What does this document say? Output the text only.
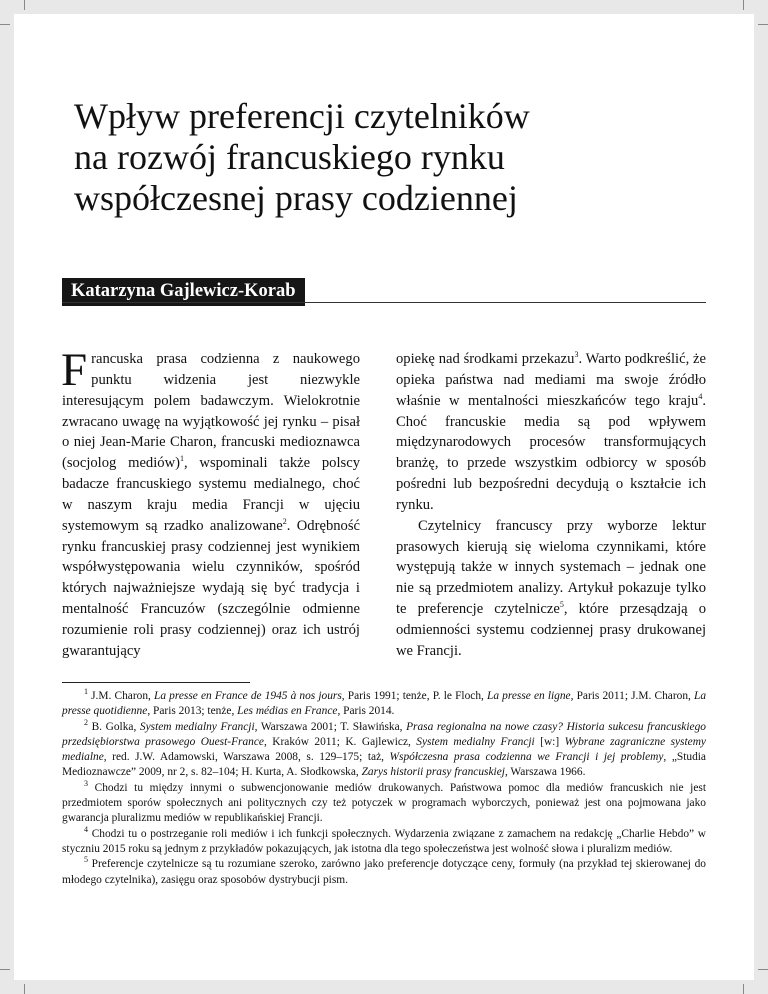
Wpływ preferencji czytelników
na rozwój francuskiego rynku
współczesnej prasy codziennej
Katarzyna Gajlewicz-Korab

Francuska prasa codzienna z naukowego punktu widzenia jest niezwykle interesującym polem badawczym. Wielokrotnie zwracano uwagę na wyjątkowość jej rynku – pisał o niej Jean-Marie Charon, francuski medioznawca (socjolog mediów)$^1$, wspominali także polscy badacze francuskiego systemu medialnego, choć w naszym kraju media Francji w ujęciu systemowym są rzadko analizowane$^2$. Odrębność rynku francuskiej prasy codziennej jest wynikiem współwystępowania wielu czynników, spośród których najważniejsze wydają się być tradycja i mentalność Francuzów (szczególnie odmienne rozumienie roli prasy codziennej) oraz ich ustrój gwarantujący

opiekę nad środkami przekazu$^3$. Warto podkreślić, że opieka państwa nad mediami ma swoje źródło właśnie w mentalności mieszkańców tego kraju$^4$. Choć francuskie media są pod wpływem międzynarodowych procesów transformujących branżę, to przede wszystkim odbiorcy w sposób pośredni lub bezpośredni decydują o kształcie ich rynku.

Czytelnicy francuscy przy wyborze lektur prasowych kierują się wieloma czynnikami, które występują także w innych systemach – jednak one nie są przedmiotem analizy. Artykuł pokazuje tylko te preferencje czytelnicze$^5$, które przesądzają o odmienności systemu codziennej prasy drukowanej we Francji.

$^1$ J.M. Charon, La presse en France de 1945 à nos jours, Paris 1991; tenże, P. le Floch, La presse en ligne, Paris 2011; J.M. Charon, La presse quotidienne, Paris 2013; tenże, Les médias en France, Paris 2014.

$^2$ B. Golka, System medialny Francji, Warszawa 2001; T. Sławińska, Prasa regionalna na nowe czasy? Historia sukcesu francuskiego przedsiębiorstwa prasowego Ouest-France, Kraków 2011; K. Gajlewicz, System medialny Francji [w:] Wybrane zagraniczne systemy medialne, red. J.W. Adamowski, Warszawa 2008, s. 129–175; taż, Współczesna prasa codzienna we Francji i jej problemy, „Studia Medioznawcze” 2009, nr 2, s. 82–104; H. Kurta, A. Słodkowska, Zarys historii prasy francuskiej, Warszawa 1966.

$^3$ Chodzi tu między innymi o subwencjonowanie mediów drukowanych. Państwowa pomoc dla mediów francuskich nie jest przedmiotem sporów społecznych ani politycznych czy też potyczek w programach wyborczych, ponieważ jest ona pojmowana jako gwarancja pluralizmu mediów w republikańskiej Francji.

$^4$ Chodzi tu o postrzeganie roli mediów i ich funkcji społecznych. Wydarzenia związane z zamachem na redakcję „Charlie Hebdo” w styczniu 2015 roku są jednym z przykładów pokazujących, jak istotna dla tego społeczeństwa jest wolność słowa i pluralizm mediów.

$^5$ Preferencje czytelnicze są tu rozumiane szeroko, zarówno jako preferencje dotyczące ceny, formuły (na przykład tej skierowanej do młodego czytelnika), zasięgu oraz sposobów dystrybucji pism.
